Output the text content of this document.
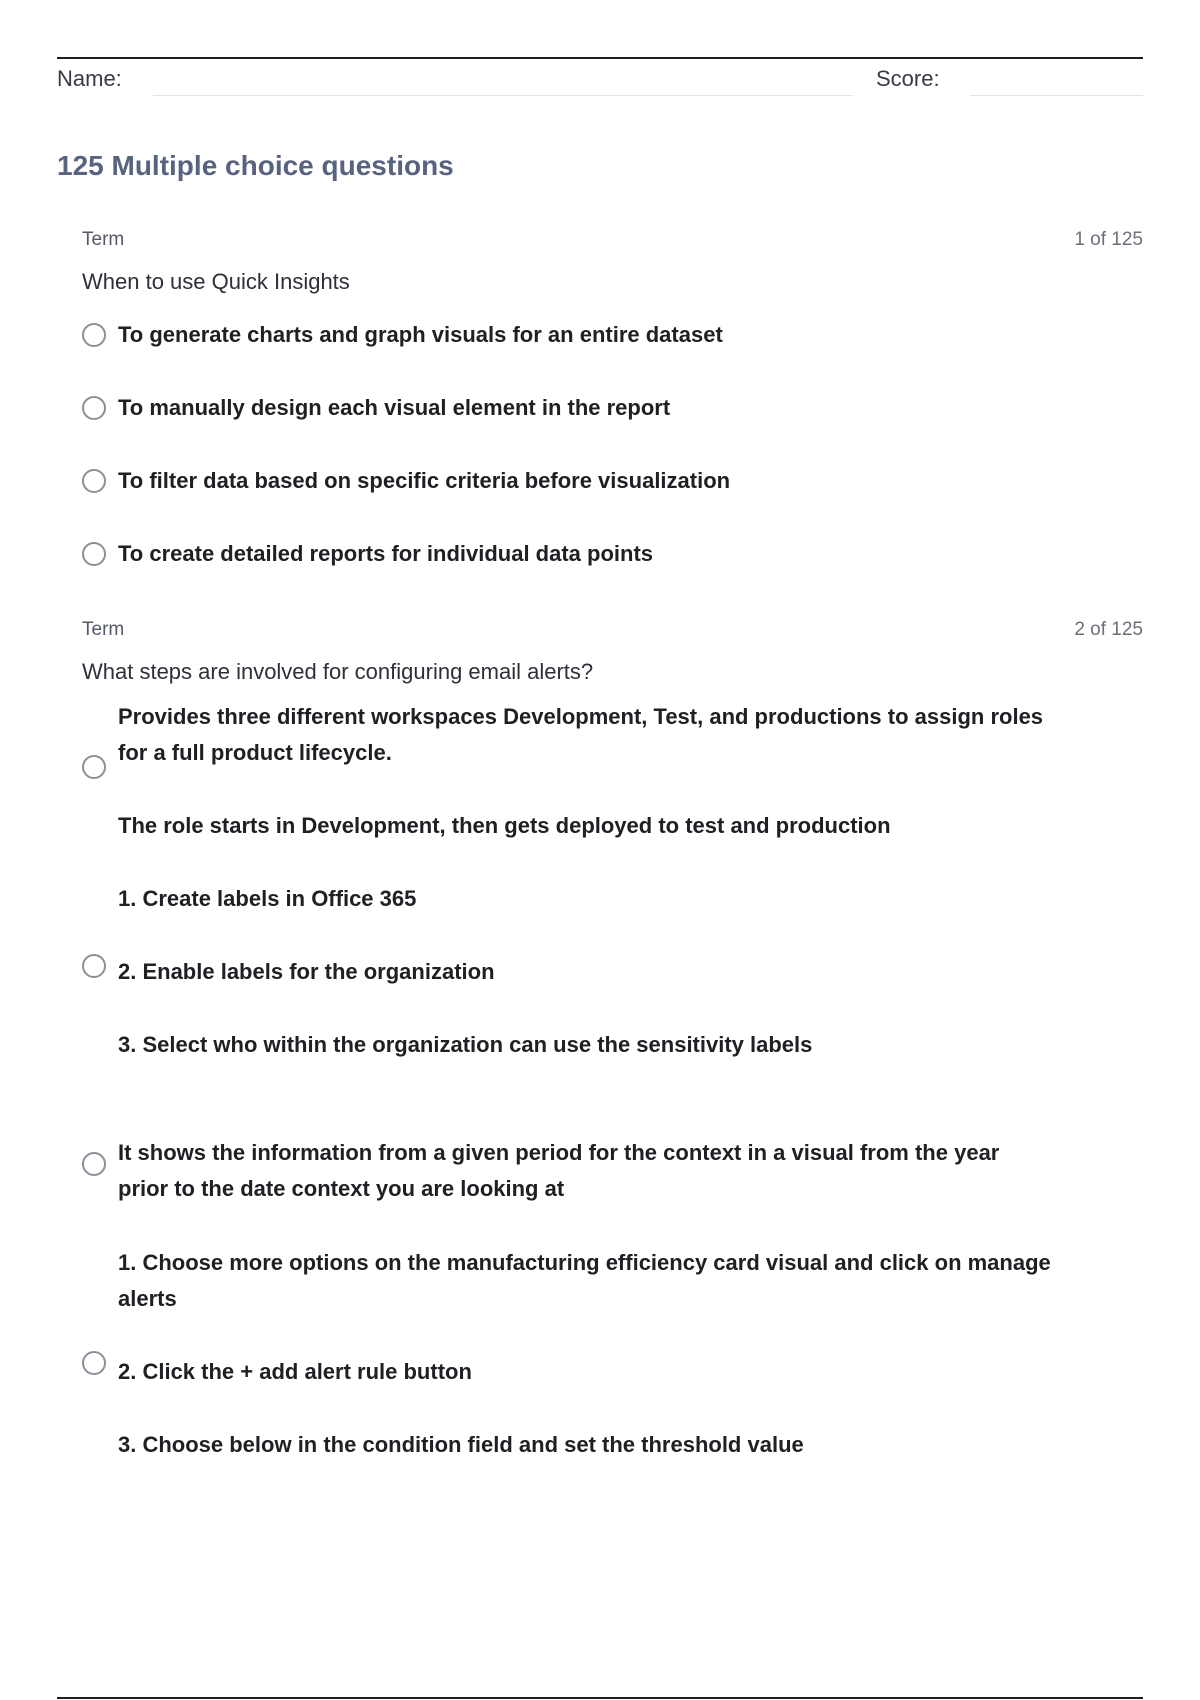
Name:	Score:
125 Multiple choice questions
Term	1 of 125
When to use Quick Insights
To generate charts and graph visuals for an entire dataset
To manually design each visual element in the report
To filter data based on specific criteria before visualization
To create detailed reports for individual data points
Term	2 of 125
What steps are involved for configuring email alerts?

Provides three different workspaces Development, Test, and productions to assign roles

for a full product lifecycle.

The role starts in Development, then gets deployed to test and production

1. Create labels in Office 365

2. Enable labels for the organization

3. Select who within the organization can use the sensitivity labels

It shows the information from a given period for the context in a visual from the year

prior to the date context you are looking at

1. Choose more options on the manufacturing efficiency card visual and click on manage

alerts

2. Click the + add alert rule button

3. Choose below in the condition field and set the threshold value
